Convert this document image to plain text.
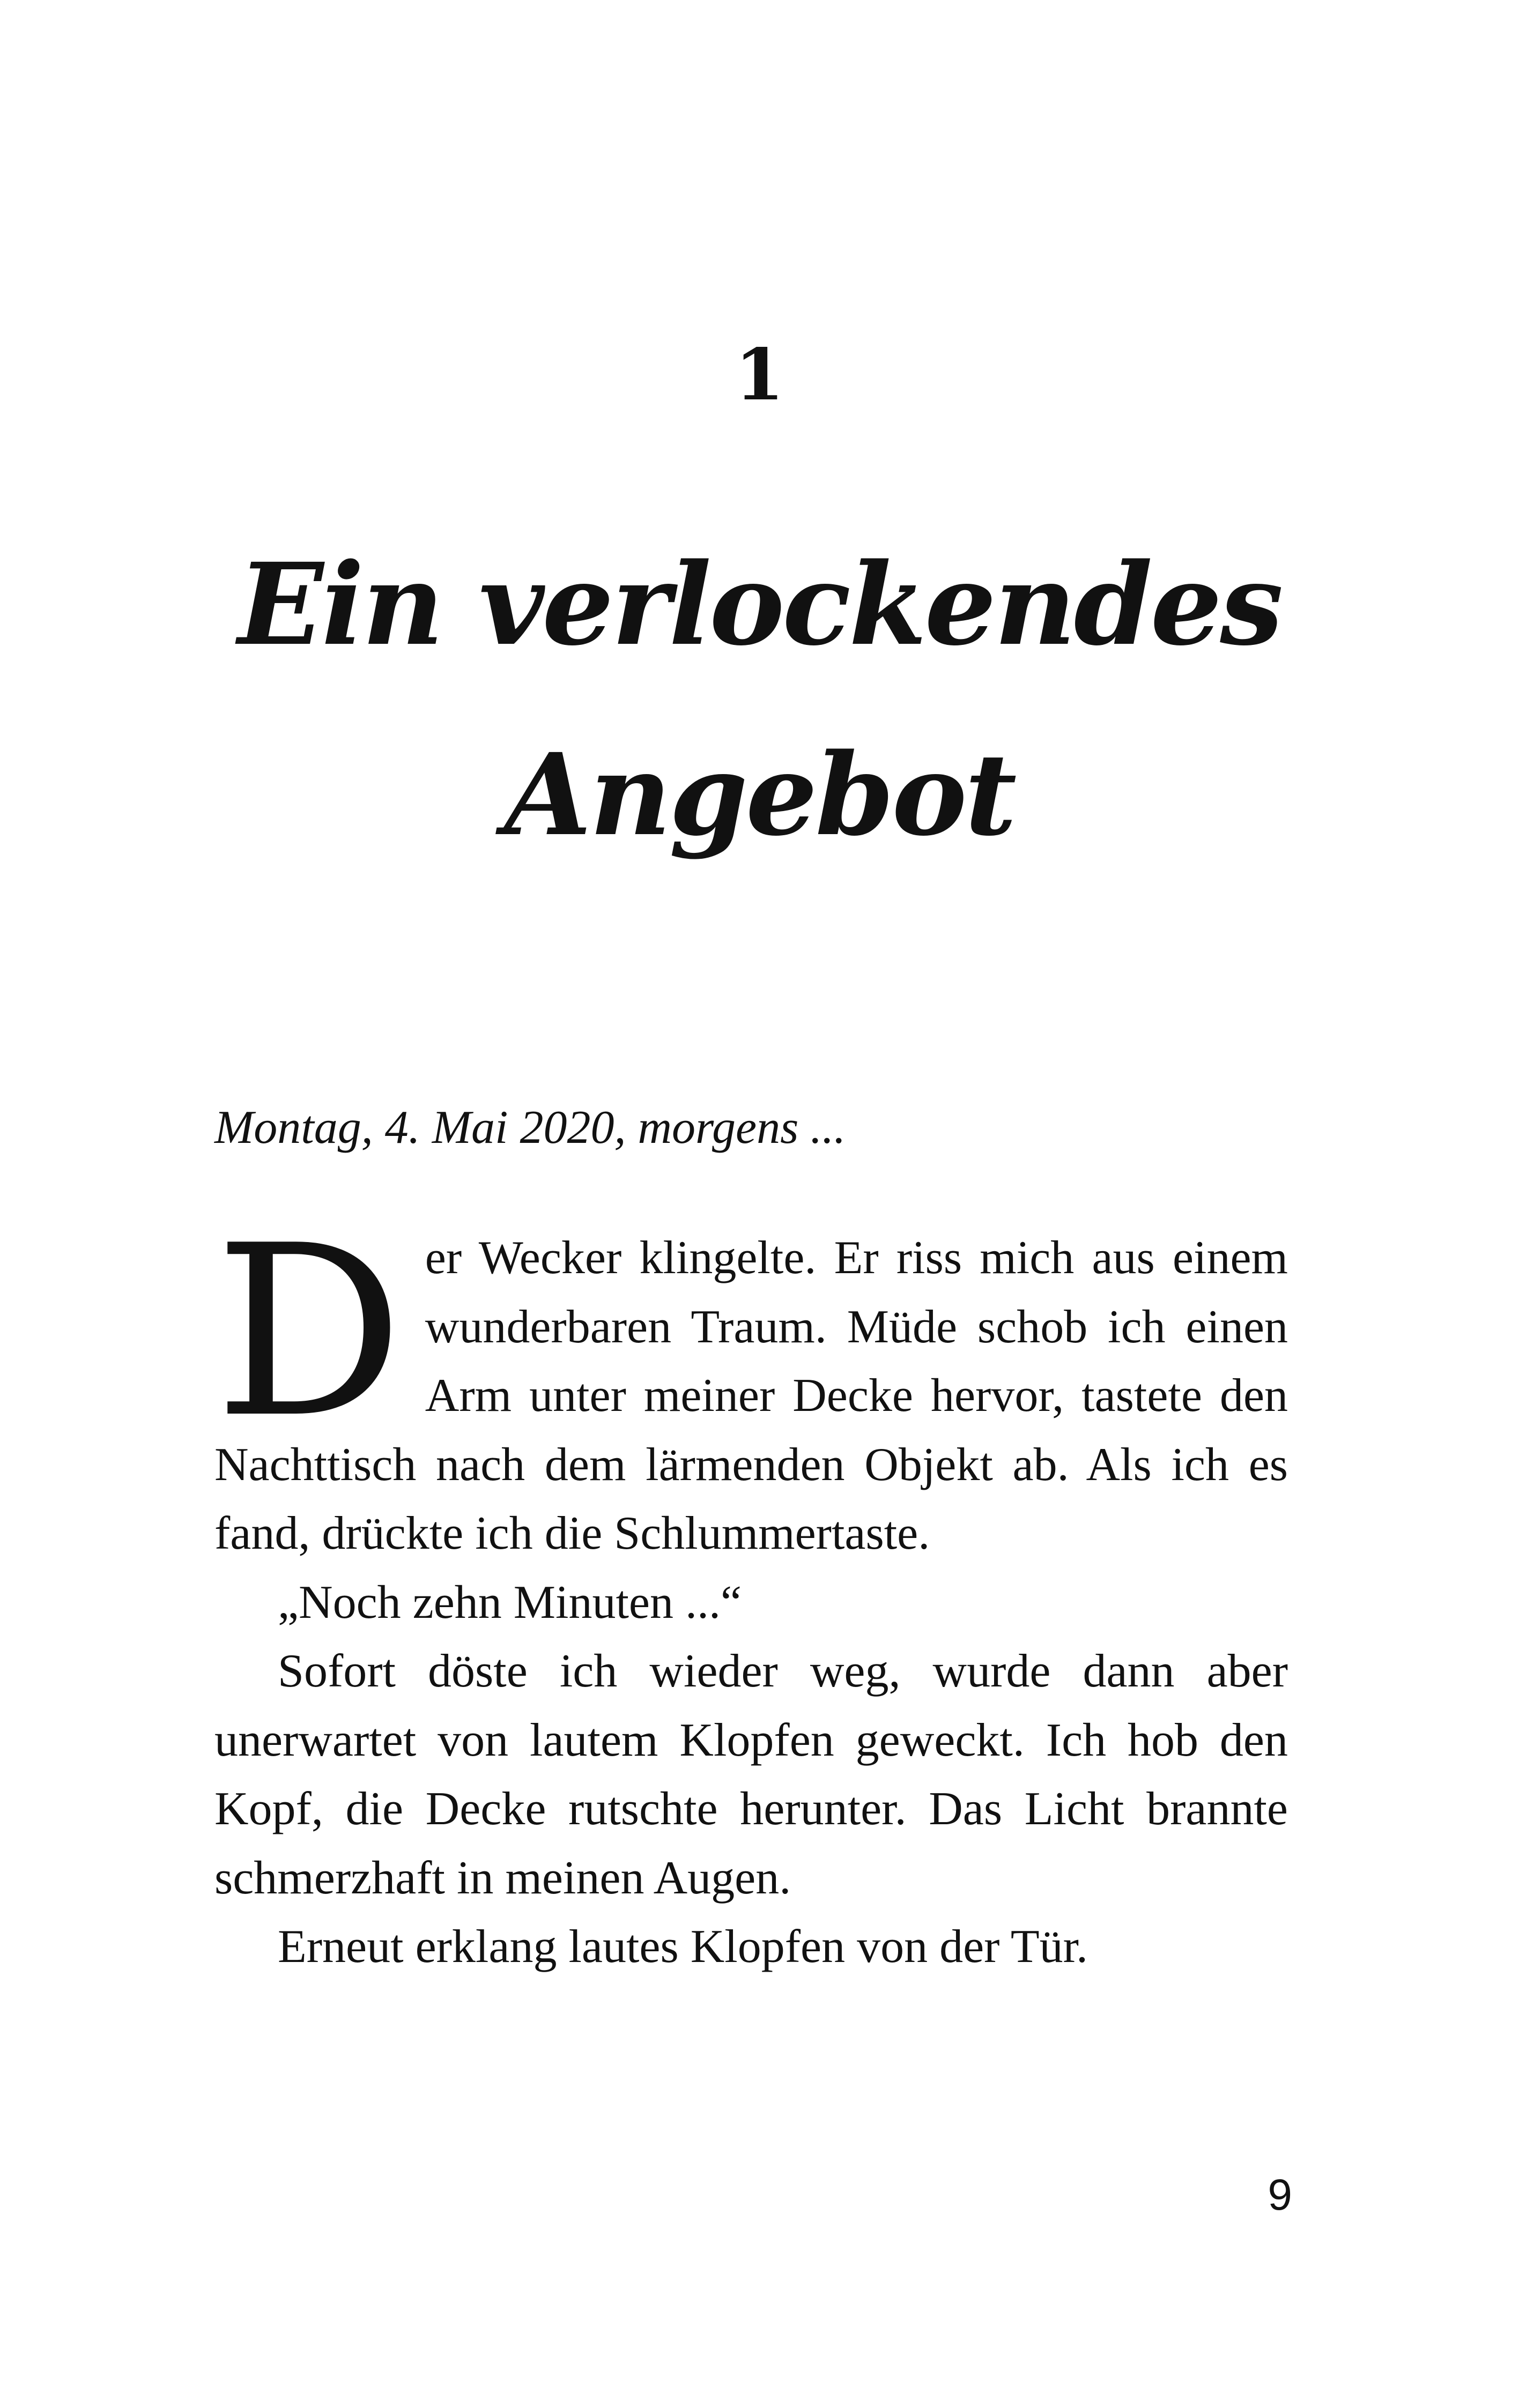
1
Ein verlockendes
Angebot
Montag, 4. Mai 2020, morgens ...
D er Wecker klingelte. Er riss mich aus einem wunderbaren Traum. Müde schob ich einen Arm unter meiner Decke hervor, tastete den Nachttisch nach dem lärmenden Objekt ab. Als ich es fand, drückte ich die Schlummertaste.

„Noch zehn Minuten ...“

Sofort döste ich wieder weg, wurde dann aber unerwartet von lautem Klopfen geweckt. Ich hob den Kopf, die Decke rutschte herunter. Das Licht brannte schmerzhaft in meinen Augen.

Erneut erklang lautes Klopfen von der Tür.

9
